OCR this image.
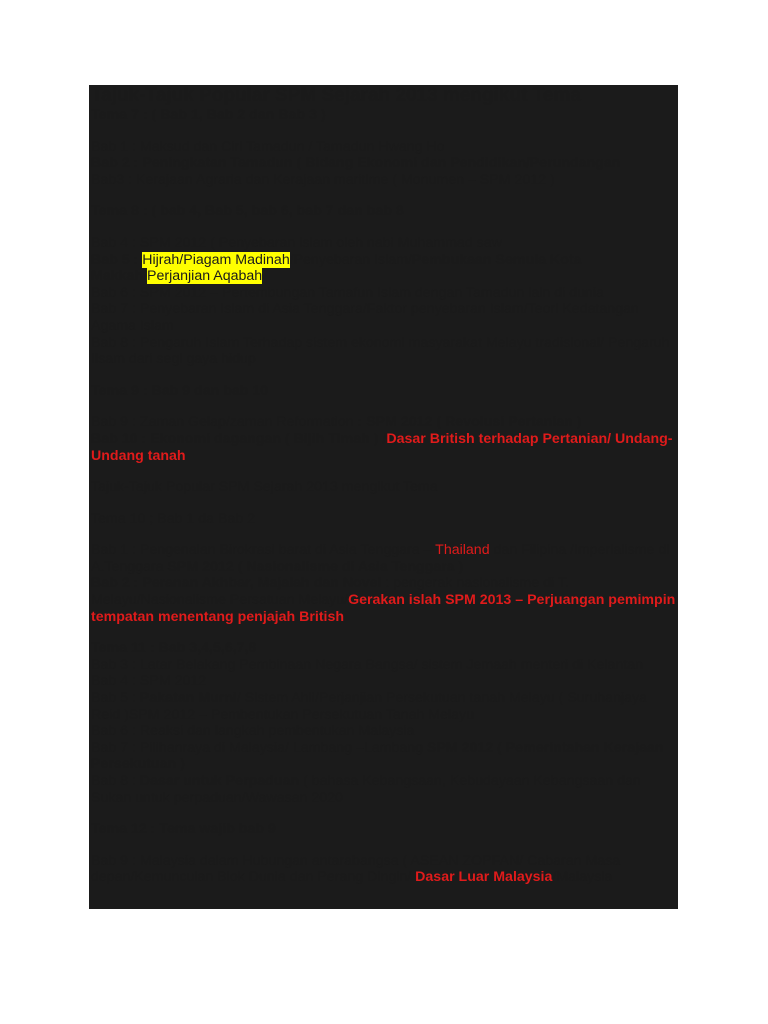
Tajuk-Tajuk Popular SPM Sejarah 2013 mengikut Tema

Tema 7 : ( Bab 1, Bab 2 dan Bab 3 )

Bab 1 : Maksud dan Ciri Tamadun / Tamadun Hwang Ho

Bab 2 : Peningkatan Tamadun ( Bidang Ekonomi dan Pendidikan/Perundangan

Bab3 : Kerajaan Agraria dan Kerajaan maritime ( Monumen – SPM 2012 )

Tema 8 : ( bab 4, Bab 5, bab 6, bab 7 dan bab 8

Bab 4 : SPM 2012 ( Penyebaran islam oleh nabi Muhammad saw

Bab 5 : Hijrah/Piagam Madinah/Penyebaran Islam/Pembukaan Semula Kota Makkah/Perjanjian Aqabah

Bab 6 : SPM 2012 – Pertembungan Tamafun Islam dengan Tamadun lain di dunia

Bab 7 : Penyebaran Islam di Asia Tenggara/Faktor penyebaran Islam/Teori Kedatangan Agama Islam

Bab 8 : Pengaruh Islam Terhadap sistem ekonomi masyarakat Melayu tradisional/ Pengaruh Ilsam dari segi gaya hidup

Tema 9 : Bab 9 dan bab 10

Bab 9 : Zaman Gelap/zaman Reformation : SPM 2012 ( Revolusi Pertanian )

Bab 10 : Ekonomi dagangan ( Bijih Timah ) /Dasar British terhadap Pertanian/ Undang-Undang tanah

Tajuk-Tajuk Popular SPM Sejarah 2013 mengikut Tema

Tema 10 ; Bab 1 da Bab 2

Bab 1 : Pengenalan Birokrasi barat di Asia Tenggara – Thailand dan Filipina /Imperialisme di A.Tenggara SPM 2012 ( Nasionalisme di Asia Tenggara )

Bab 2 : Peranan Akhbar, Majalah dan Novel : pengerak nasionalisme di T. Melayu/Nasionalisme Persatuan Melayu/Gerakan islah SPM 2013 – Perjuangan pemimpin tempatan menentang penjajah British

Tema 11 : Bab 3,4,5,6,7,8

Bab 3 : Latar Belakang Pembinaan Negara Bangsa/ sistem Jemaah menteri di Kelantan

Bab 4 : SPM 2012

Bab 5 : Pakatan Murni/ Sistem Ahli/Perjanjian Persekutuan tanah Melayu ( Suruhanjaya Reid )SPM 2012 – Pembentukan Persekutuan Tanah Melayu

Bab 6 : Reaksi dan langkah pembentukan Malaysia

Bab 7 : Pilihanraya di Malaysia/ Lambang –Lambang SPM 2012 ( Pemerintahan Kerajaan Persekutuan )

Bab 8 : Dasar untuk Perpaduan ( bahasa Kebangsaan, Kebudayaan Kebangsaan dan Sukan untuk perpaduan/Wawasan 2020

Tema 12 : Tema wajib bab 9

Bab 9 : Malaysia dalam Hubungan antarabangsa ( ASEAN ZOPFAN/ Cabaran Masa depan/Kemunculan Blok Dunia dan Perang Dingin/ Dasar Luar Malaysia/Malaysia
